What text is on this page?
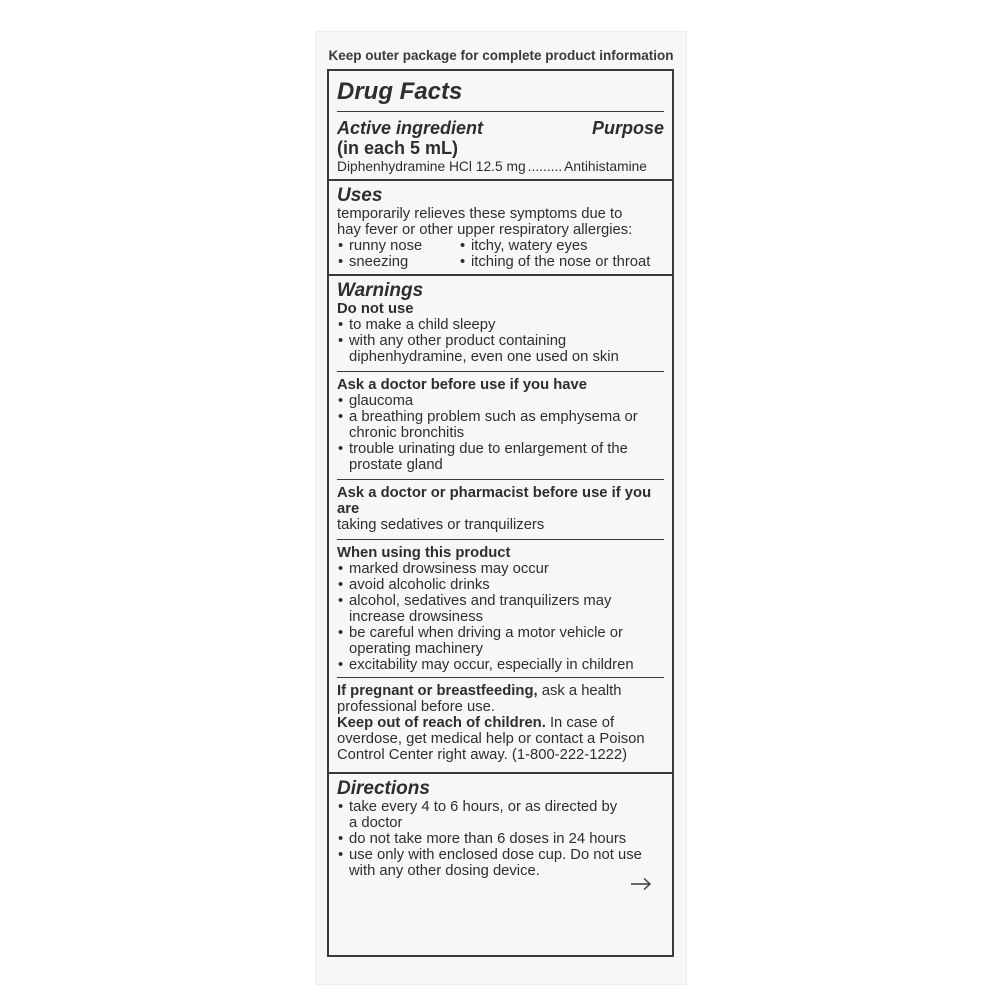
Keep outer package for complete product information
Drug Facts
Active ingredient
(in each 5 mL)
Purpose
Diphenhydramine HCl 12.5 mg ......... Antihistamine
Uses
temporarily relieves these symptoms due to
hay fever or other upper respiratory allergies:
• runny nose
• sneezing
• itchy, watery eyes
• itching of the nose or throat
Warnings
Do not use
• to make a child sleepy
• with any other product containing
diphenhydramine, even one used on skin
Ask a doctor before use if you have
• glaucoma
• a breathing problem such as emphysema or
chronic bronchitis
• trouble urinating due to enlargement of the
prostate gland
Ask a doctor or pharmacist before use if you are
taking sedatives or tranquilizers
When using this product
• marked drowsiness may occur
• avoid alcoholic drinks
• alcohol, sedatives and tranquilizers may
increase drowsiness
• be careful when driving a motor vehicle or
operating machinery
• excitability may occur, especially in children
If pregnant or breastfeeding, ask a health
professional before use.
Keep out of reach of children. In case of
overdose, get medical help or contact a Poison
Control Center right away. (1-800-222-1222)
Directions
• take every 4 to 6 hours, or as directed by
a doctor
• do not take more than 6 doses in 24 hours
• use only with enclosed dose cup. Do not use
with any other dosing device.
